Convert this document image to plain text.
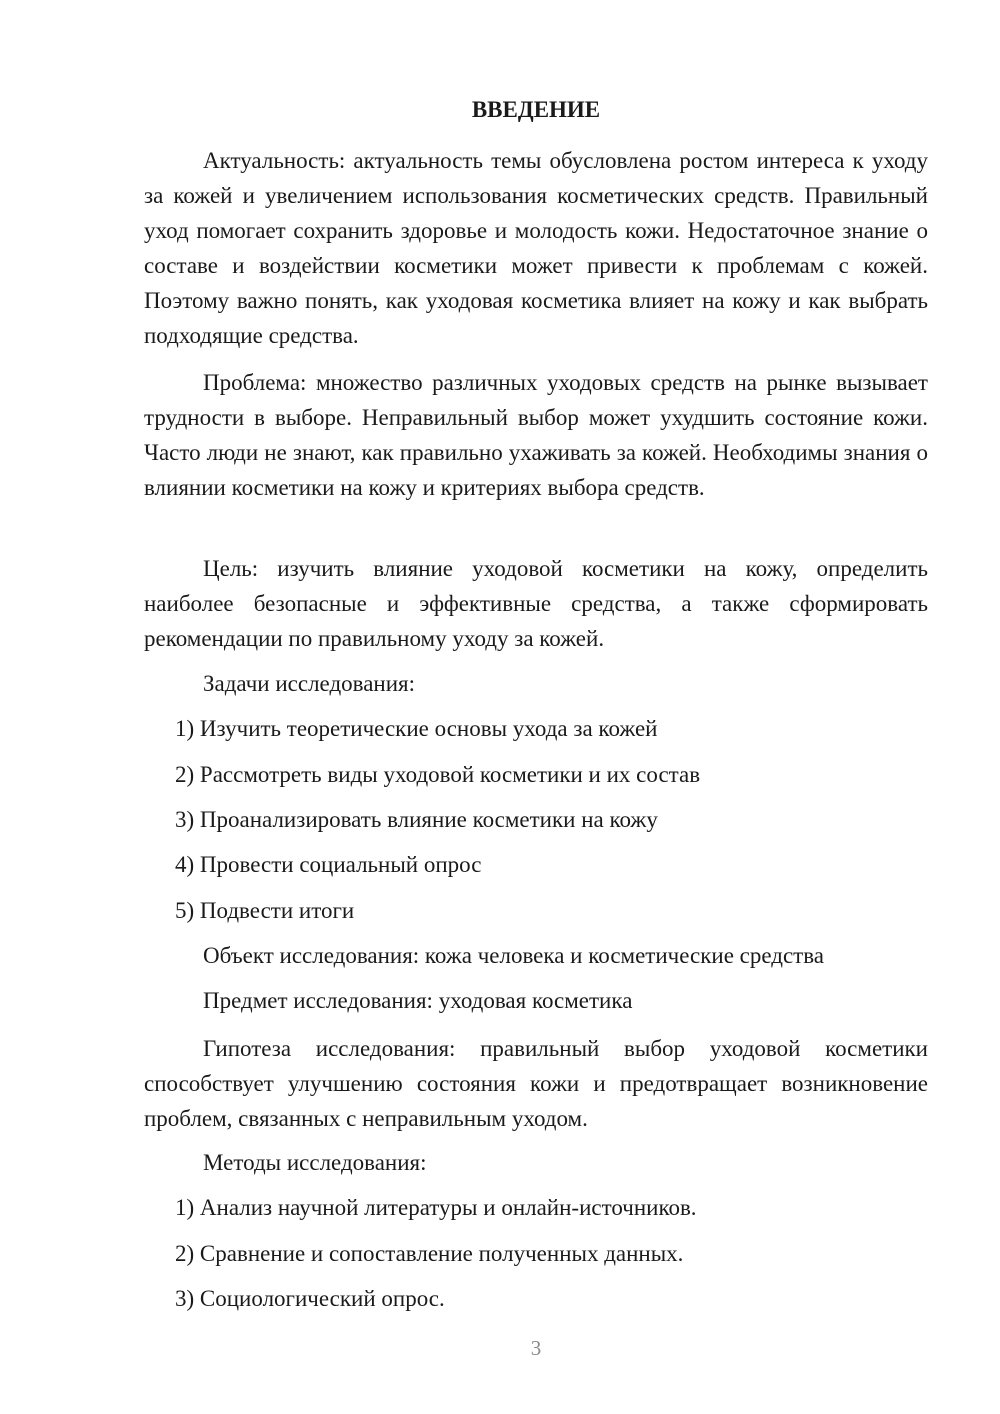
ВВЕДЕНИЕ
Актуальность: актуальность темы обусловлена ростом интереса к уходу за кожей и увеличением использования косметических средств. Правильный уход помогает сохранить здоровье и молодость кожи. Недостаточное знание о составе и воздействии косметики может привести к проблемам с кожей. Поэтому важно понять, как уходовая косметика влияет на кожу и как выбрать подходящие средства.
Проблема: множество различных уходовых средств на рынке вызывает трудности в выборе. Неправильный выбор может ухудшить состояние кожи. Часто люди не знают, как правильно ухаживать за кожей. Необходимы знания о влиянии косметики на кожу и критериях выбора средств.
Цель: изучить влияние уходовой косметики на кожу, определить наиболее безопасные и эффективные средства, а также сформировать рекомендации по правильному уходу за кожей.
Задачи исследования:
1) Изучить теоретические основы ухода за кожей
2) Рассмотреть виды уходовой косметики и их состав
3) Проанализировать влияние косметики на кожу
4) Провести социальный опрос
5) Подвести итоги
Объект исследования: кожа человека и косметические средства
Предмет исследования: уходовая косметика
Гипотеза исследования: правильный выбор уходовой косметики способствует улучшению состояния кожи и предотвращает возникновение проблем, связанных с неправильным уходом.
Методы исследования:
1) Анализ научной литературы и онлайн-источников.
2) Сравнение и сопоставление полученных данных.
3) Социологический опрос.
3
